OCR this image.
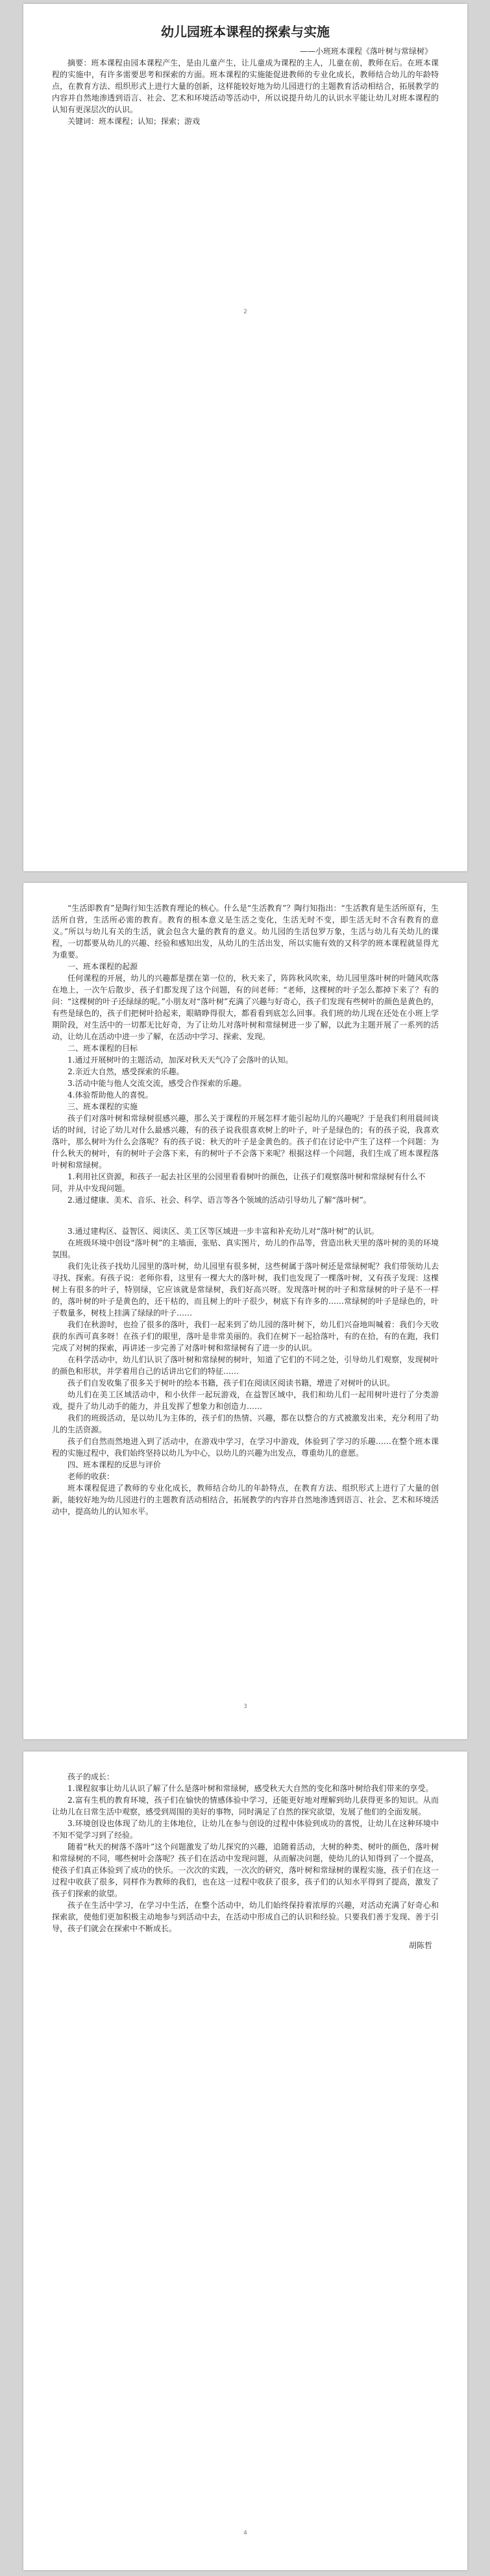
幼儿园班本课程的探索与实施
——小班班本课程《落叶树与常绿树》

摘要：班本课程由园本课程产生，是由儿童产生，让儿童成为课程的主人，儿童在前，教师在后。在班本课程的实施中，有许多需要思考和探索的方面。班本课程的实施能促进教师的专业化成长，教师结合幼儿的年龄特点，在教育方法、组织形式上进行大量的创新，这样能较好地为幼儿园进行的主题教育活动相结合，拓展教学的内容并自然地渗透到语言、社会、艺术和环境活动等活动中，所以说提升幼儿的认识水平能让幼儿对班本课程的认知有更深层次的认识。

关键词：班本课程；认知；探索；游戏

2

“生活即教育”是陶行知生活教育理论的核心。什么是“生活教育”？陶行知指出：“生活教育是生活所原有，生活所自营，生活所必需的教育。教育的根本意义是生活之变化，生活无时不变，即生活无时不含有教育的意义。”所以与幼儿有关的生活，就会包含大量的教育的意义。幼儿园的生活包罗万象，生活与幼儿有关幼儿的课程，一切都要从幼儿的兴趣、经验和感知出发，从幼儿的生活出发，所以实施有效的又科学的班本课程就显得尤为重要。

一、班本课程的起源

任何课程的开展，幼儿的兴趣都是摆在第一位的，秋天来了，阵阵秋风吹来，幼儿园里落叶树的叶随风吹落在地上，一次午后散步，孩子们都发现了这个问题，有的问老师：“老师，这棵树的叶子怎么都掉下来了？有的问：“这棵树的叶子还绿绿的呢。”小朋友对“落叶树”充满了兴趣与好奇心，孩子们发现有些树叶的颜色是黄色的，有些是绿色的，孩子们把树叶拾起来，眼睛睁得很大，都看看到底怎么回事。我们班的幼儿现在还处在小班上学期阶段，对生活中的一切都无比好奇，为了让幼儿对落叶树和常绿树进一步了解，以此为主题开展了一系列的活动，让幼儿在活动中进一步了解，在活动中学习、探索、发现。

二、班本课程的目标

1.通过开展树叶的主题活动，加深对秋天天气冷了会落叶的认知。

2.亲近大自然，感受探索的乐趣。

3.活动中能与他人交流交流，感受合作探索的乐趣。

4.体验帮助他人的喜悦。

三、班本课程的实施

孩子们对落叶树和常绿树很感兴趣，那么关于课程的开展怎样才能引起幼儿的兴趣呢？于是我们利用晨间谈话的时间，讨论了幼儿对什么最感兴趣，有的孩子说我很喜欢树上的叶子，叶子是绿色的；有的孩子说，我喜欢落叶，那么树叶为什么会落呢？有的孩子说：秋天的叶子是金黄色的。孩子们在讨论中产生了这样一个问题：为什么秋天的树叶，有的树叶子会落下来，有的树叶子不会落下来呢？根据这样一个问题，我们生成了班本课程落叶树和常绿树。

1.利用社区资源，和孩子一起去社区里的公园里看看树叶的颜色，让孩子们观察落叶树和常绿树有什么不同，并从中发现问题。

2.通过健康、美术、音乐、社会、科学、语言等各个领域的活动引导幼儿了解“落叶树”。

3.通过建构区、益智区、阅读区、美工区等区域进一步丰富和补充幼儿对“落叶树”的认识。

在班级环境中创设“落叶树”的主墙面，张贴、真实图片，幼儿的作品等，营造出秋天里的落叶树的美的环境氛围。

我们先让孩子找幼儿园里的落叶树，幼儿园里有很多树，这些树属于落叶树还是常绿树呢？我们带领幼儿去寻找、探索。有孩子说：老师你看，这里有一棵大大的落叶树，我们也发现了一棵落叶树，又有孩子发现：这棵树上有很多的叶子，特别绿，它应该就是常绿树，我们好高兴呀。发现落叶树的叶子和常绿树的叶子是不一样的，落叶树的叶子是黄色的，还干枯的，而且树上的叶子很少，树底下有许多的……常绿树的叶子是绿色的，叶子数量多，树枝上挂满了绿绿的叶子……

我们在秋游时，也捡了很多的落叶，我们一起来到了幼儿园的落叶树下，幼儿们兴奋地叫喊着：我们今天收获的东西可真多呀！在孩子们的眼里，落叶是非常美丽的。我们在树下一起拾落叶，有的在拾，有的在跑，我们完成了对树的探索，再讲述一步完善了对落叶树和常绿树有了进一步的认识。

在科学活动中，幼儿们认识了落叶树和常绿树的树叶，知道了它们的不同之处，引导幼儿们观察，发现树叶的颜色和形状，并学着用自己的话讲出它们的特征……

孩子们自发收集了很多关于树叶的绘本书籍，孩子们在阅读区阅读书籍，增进了对树叶的认识。

幼儿们在美工区域活动中，和小伙伴一起玩游戏，在益智区域中，我们和幼儿们一起用树叶进行了分类游戏，提升了幼儿动手的能力，并且发挥了想象力和创造力……

我们的班级活动，是以幼儿为主体的，孩子们的热情、兴趣，都在以整合的方式被激发出来，充分利用了幼儿的生活资源。

孩子们自然而然地进入到了活动中，在游戏中学习，在学习中游戏，体验到了学习的乐趣……在整个班本课程的实施过程中，我们始终坚持以幼儿为中心，以幼儿的兴趣为出发点，尊重幼儿的意愿。

四、班本课程的反思与评价

老师的收获：

班本课程促进了教师的专业化成长，教师结合幼儿的年龄特点，在教育方法、组织形式上进行了大量的创新，能较好地为幼儿园进行的主题教育活动相结合，拓展教学的内容并自然地渗透到语言、社会、艺术和环境活动中，提高幼儿的认知水平。

3

孩子的成长：

1.课程叙事让幼儿认识了解了什么是落叶树和常绿树，感受秋天大自然的变化和落叶树给我们带来的享受。

2.富有生机的教育环境，孩子们在愉快的情感体验中学习，还能更好地对理解到幼儿获得更多的知识。从而让幼儿在日常生活中观察，感受到周围的美好的事物，同时满足了自然的探究欲望，发展了他们的全面发展。

3.环境创设也体现了幼儿的主体地位，让幼儿在参与创设的过程中体验到成功的喜悦，让幼儿在这种环境中不知不觉学习到了经验。

随着“秋天的树落不落叶”这个问题激发了幼儿探究的兴趣，追随着活动，大树的种类、树叶的颜色，落叶树和常绿树的不同，哪些树叶会落呢？孩子们在活动中发现问题，从而解决问题，使幼儿的认知得到了一个提高，使孩子们真正体验到了成功的快乐。一次次的实践，一次次的研究，落叶树和常绿树的课程实施，孩子们在这一过程中收获了很多，同样作为教师的我们，也在这一过程中收获了很多，孩子们的认知水平得到了提高，激发了孩子们探索的欲望。

孩子在生活中学习，在学习中生活，在整个活动中，幼儿们始终保持着浓厚的兴趣，对活动充满了好奇心和探索欲，使他们更加积极主动地参与到活动中去，在活动中形成自己的认识和经验。只要我们善于发现、善于引导，孩子们就会在探索中不断成长。

胡陈哲
4
